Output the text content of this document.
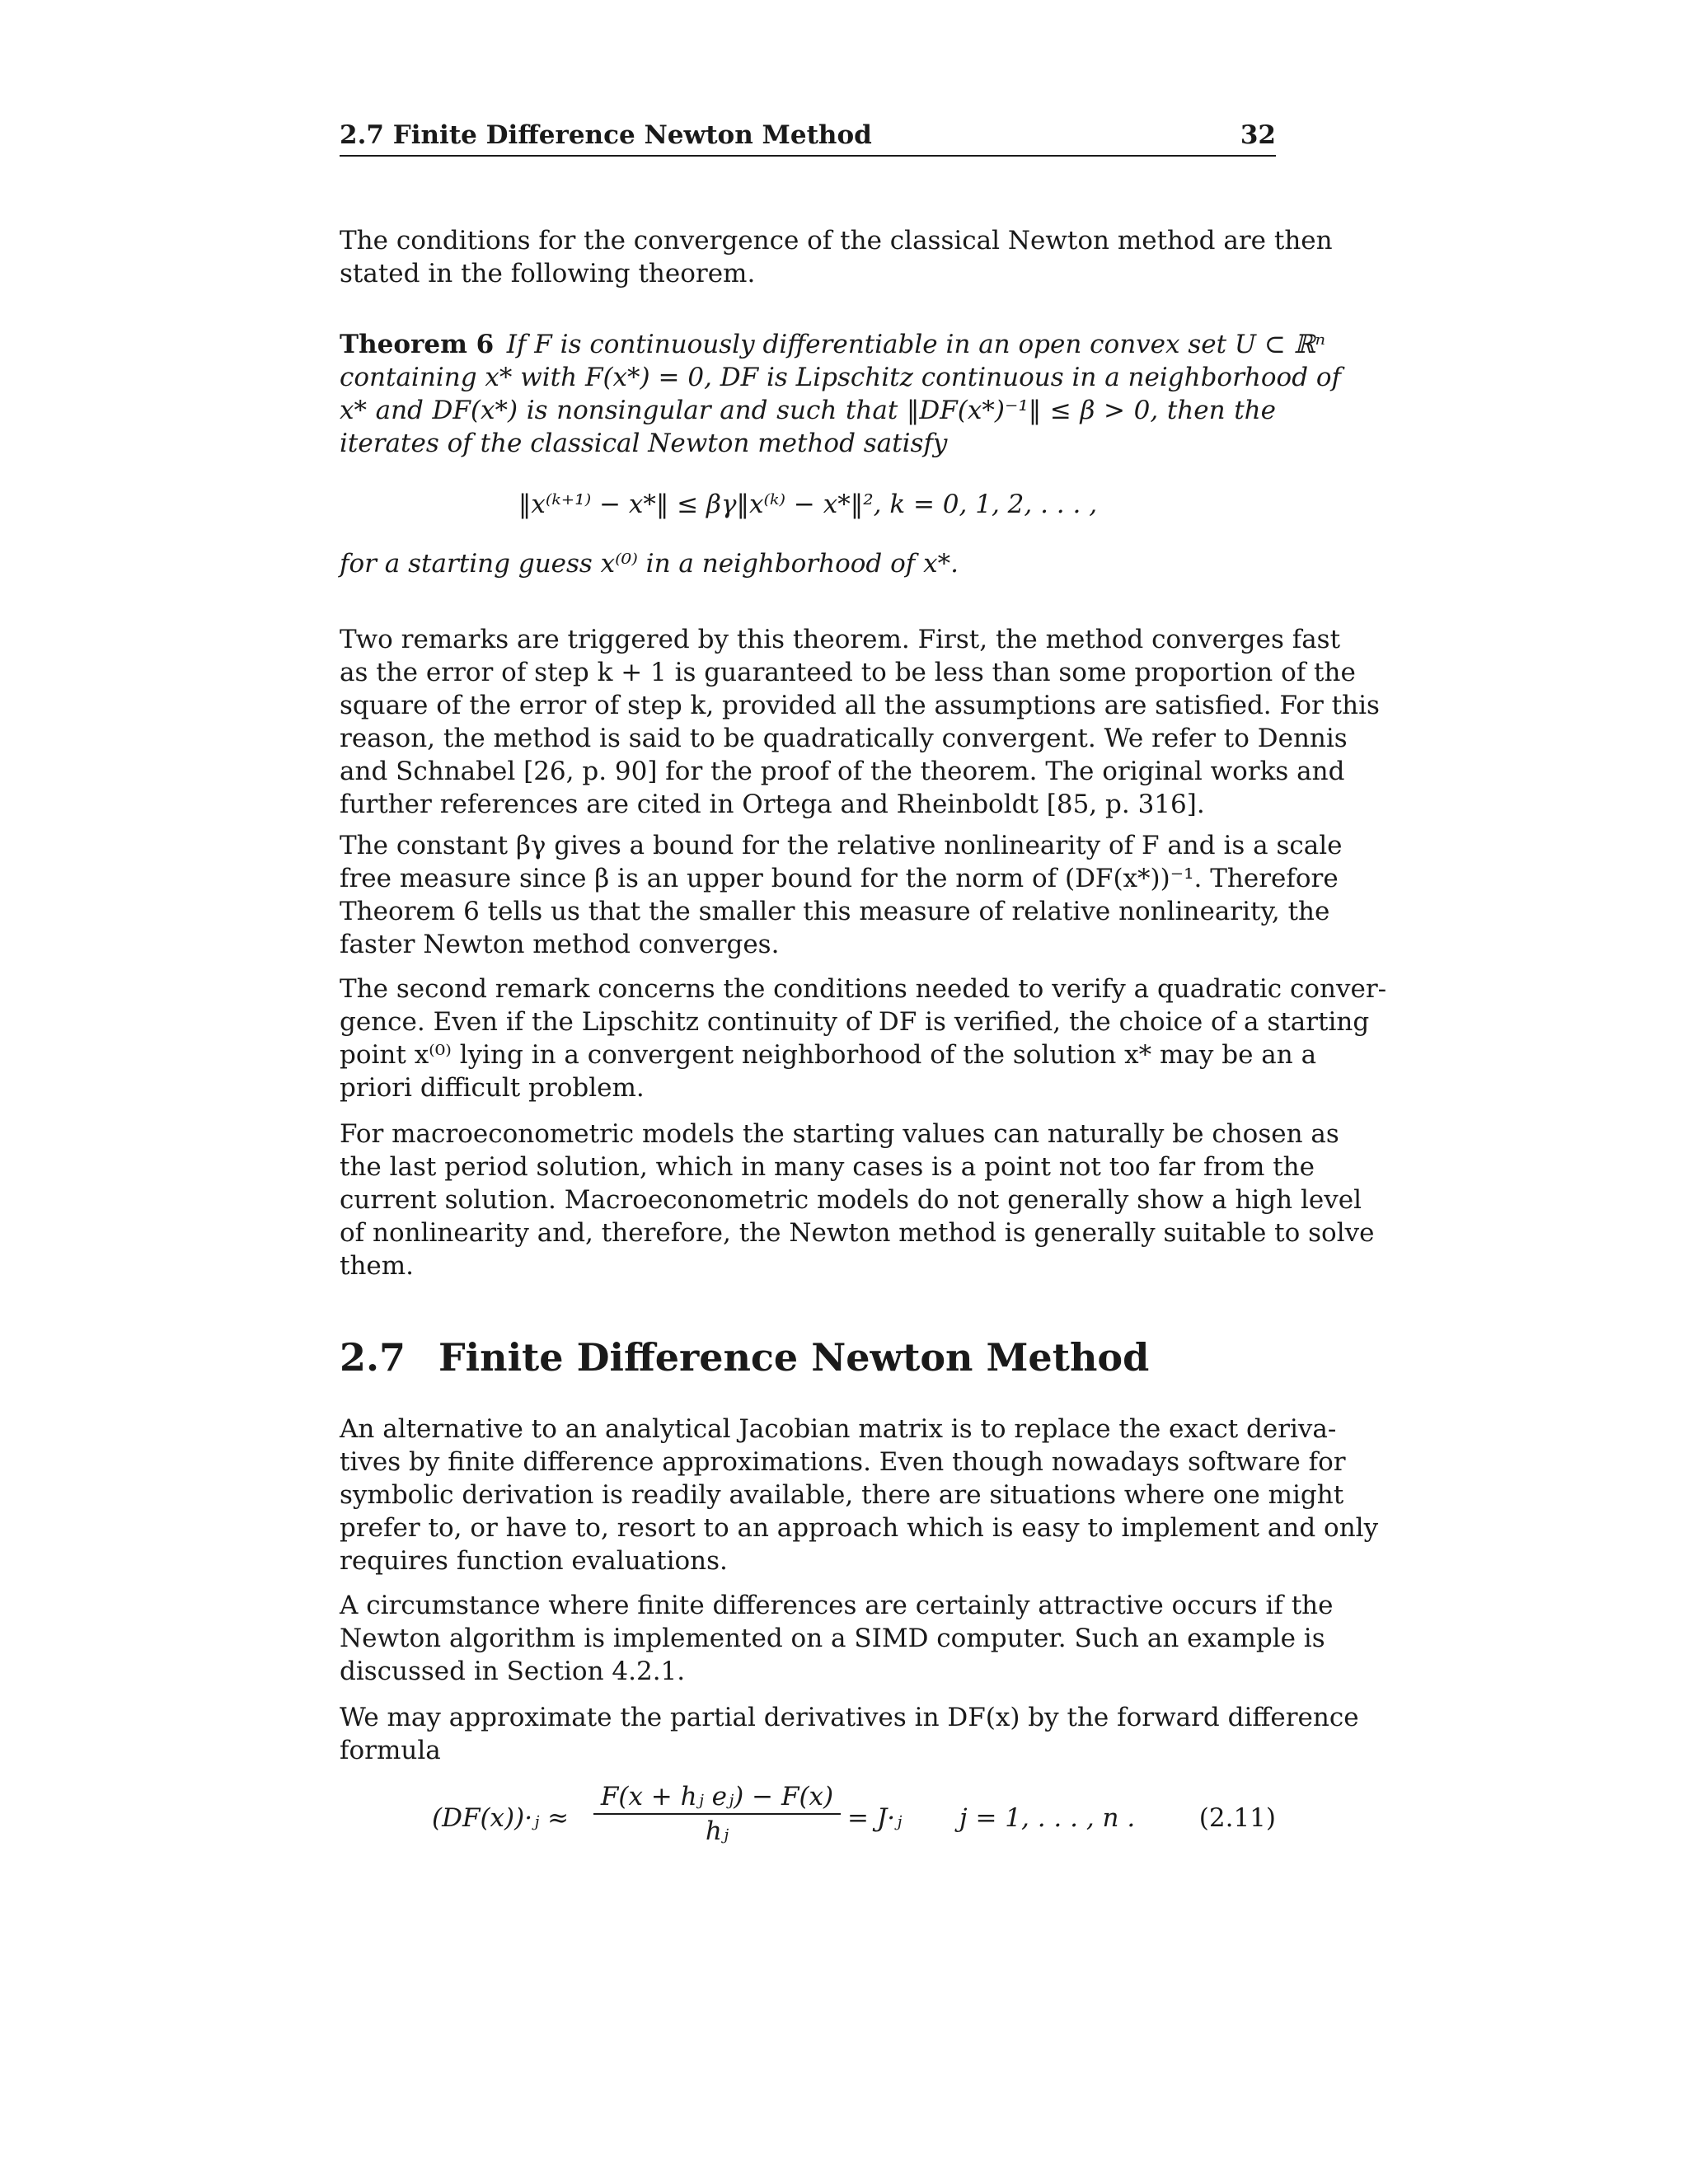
2.7 Finite Difference Newton Method	32
The conditions for the convergence of the classical Newton method are then
stated in the following theorem.
Theorem 6  If F is continuously differentiable in an open convex set U ⊂ ℝⁿ
containing x* with F(x*) = 0, DF is Lipschitz continuous in a neighborhood of
x* and DF(x*) is nonsingular and such that ‖DF(x*)⁻¹‖ ≤ β > 0, then the
iterates of the classical Newton method satisfy
‖x⁽ᵏ⁺¹⁾ − x*‖ ≤ βγ‖x⁽ᵏ⁾ − x*‖², k = 0, 1, 2, . . . ,
for a starting guess x⁽⁰⁾ in a neighborhood of x*.
Two remarks are triggered by this theorem. First, the method converges fast
as the error of step k + 1 is guaranteed to be less than some proportion of the
square of the error of step k, provided all the assumptions are satisfied. For this
reason, the method is said to be quadratically convergent. We refer to Dennis
and Schnabel [26, p. 90] for the proof of the theorem. The original works and
further references are cited in Ortega and Rheinboldt [85, p. 316].
The constant βγ gives a bound for the relative nonlinearity of F and is a scale
free measure since β is an upper bound for the norm of (DF(x*))⁻¹. Therefore
Theorem 6 tells us that the smaller this measure of relative nonlinearity, the
faster Newton method converges.
The second remark concerns the conditions needed to verify a quadratic conver-
gence. Even if the Lipschitz continuity of DF is verified, the choice of a starting
point x⁽⁰⁾ lying in a convergent neighborhood of the solution x* may be an a
priori difficult problem.
For macroeconometric models the starting values can naturally be chosen as
the last period solution, which in many cases is a point not too far from the
current solution. Macroeconometric models do not generally show a high level
of nonlinearity and, therefore, the Newton method is generally suitable to solve
them.
2.7 Finite Difference Newton Method
An alternative to an analytical Jacobian matrix is to replace the exact deriva-
tives by finite difference approximations. Even though nowadays software for
symbolic derivation is readily available, there are situations where one might
prefer to, or have to, resort to an approach which is easy to implement and only
requires function evaluations.
A circumstance where finite differences are certainly attractive occurs if the
Newton algorithm is implemented on a SIMD computer. Such an example is
discussed in Section 4.2.1.
We may approximate the partial derivatives in DF(x) by the forward difference
formula
(DF(x))·ⱼ ≈ $\frac{\text{F(x + hⱼ eⱼ) − F(x)}}{\text{hⱼ}}$ = J·ⱼ j = 1, . . . , n .	(2.11)
